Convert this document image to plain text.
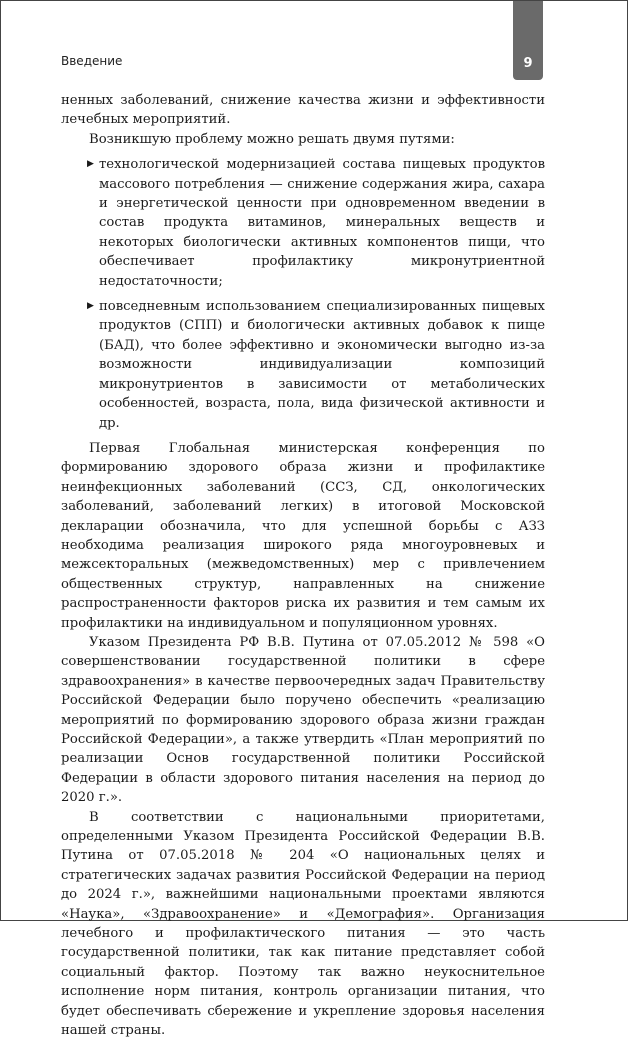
Введение	9

ненных заболеваний, снижение качества жизни и эффективности лечебных мероприятий.

Возникшую проблему можно решать двумя путями:

▶ технологической модернизацией состава пищевых продуктов массового потребления — снижение содержания жира, сахара и энергетической ценности при одновременном введении в состав продукта витаминов, минеральных веществ и некоторых биологически активных компонентов пищи, что обеспечивает профилактику микронутриентной недостаточности;
▶ повседневным использованием специализированных пищевых продуктов (СПП) и биологически активных добавок к пище (БАД), что более эффективно и экономически выгодно из-за возможности индивидуализации композиций микронутриентов в зависимости от метаболических особенностей, возраста, пола, вида физической активности и др.

Первая Глобальная министерская конференция по формированию здорового образа жизни и профилактике неинфекционных заболеваний (ССЗ, СД, онкологических заболеваний, заболеваний легких) в итоговой Московской декларации обозначила, что для успешной борьбы с АЗЗ необходима реализация широкого ряда многоуровневых и межсекторальных (межведомственных) мер с привлечением общественных структур, направленных на снижение распространенности факторов риска их развития и тем самым их профилактики на индивидуальном и популяционном уровнях.

Указом Президента РФ В.В. Путина от 07.05.2012 № 598 «О совершенствовании государственной политики в сфере здравоохранения» в качестве первоочередных задач Правительству Российской Федерации было поручено обеспечить «реализацию мероприятий по формированию здорового образа жизни граждан Российской Федерации», а также утвердить «План мероприятий по реализации Основ государственной политики Российской Федерации в области здорового питания населения на период до 2020 г.».

В соответствии с национальными приоритетами, определенными Указом Президента Российской Федерации В.В. Путина от 07.05.2018 № 204 «О национальных целях и стратегических задачах развития Российской Федерации на период до 2024 г.», важнейшими национальными проектами являются «Наука», «Здравоохранение» и «Демография». Организация лечебного и профилактического питания — это часть государственной политики, так как питание представляет собой социальный фактор. Поэтому так важно неукоснительное исполнение норм питания, контроль организации питания, что будет обеспечивать сбережение и укрепление здоровья населения нашей страны.
